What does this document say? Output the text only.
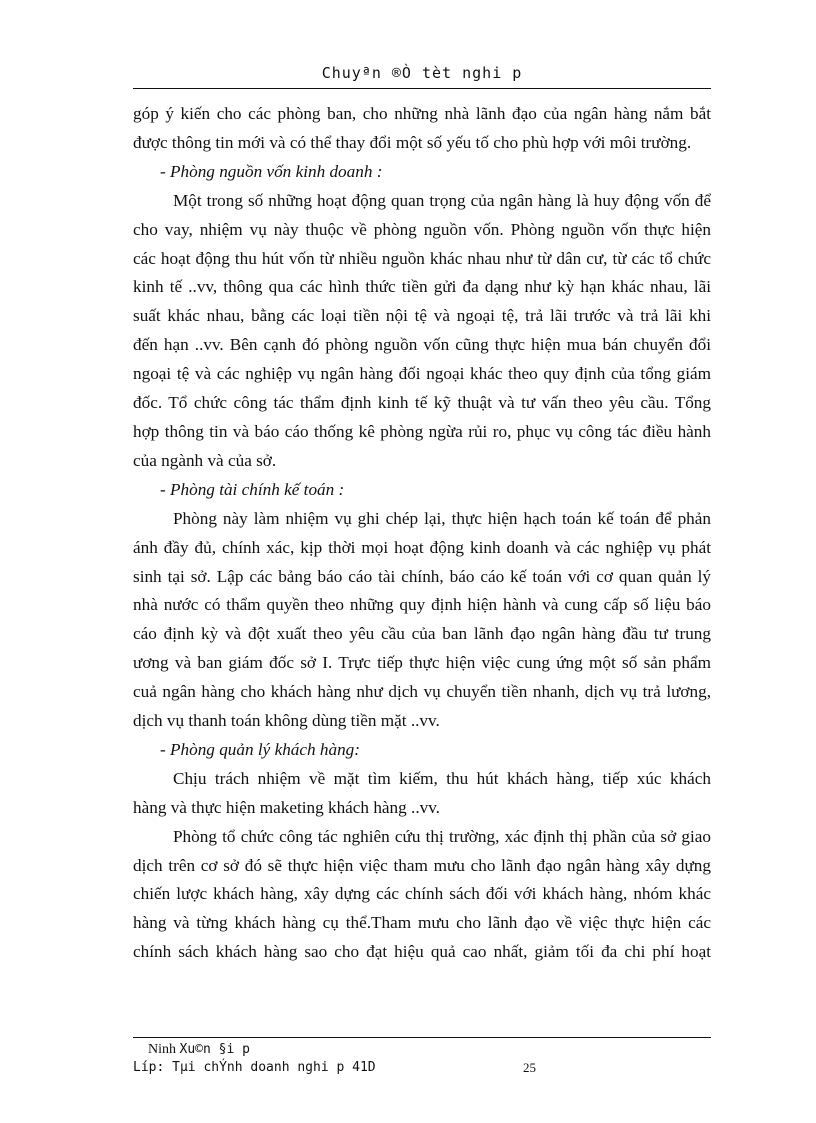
Chuyªn ®Ò tèt nghi p

góp ý kiến cho các phòng ban, cho những nhà lãnh đạo của ngân hàng nắm bắt

được thông tin mới và có thể thay đổi một số yếu tố cho phù hợp với môi trường.

- Phòng nguồn vốn kinh doanh :

Một trong số những hoạt động quan trọng của ngân hàng là huy động vốn để

cho vay, nhiệm vụ này thuộc về phòng nguồn vốn. Phòng nguồn vốn thực hiện

các hoạt động thu hút vốn từ nhiều nguồn khác nhau như từ dân cư, từ các tổ chức

kinh tế ..vv, thông qua các hình thức tiền gửi đa dạng như kỳ hạn khác nhau, lãi

suất khác nhau, bằng các loại tiền nội tệ và ngoại tệ, trả lãi trước và trả lãi khi

đến hạn ..vv. Bên cạnh đó phòng nguồn vốn cũng thực hiện mua bán chuyển đổi

ngoại tệ và các nghiệp vụ ngân hàng đối ngoại khác theo quy định của tổng giám

đốc. Tổ chức công tác thẩm định kinh tế kỹ thuật và tư vấn theo yêu cầu. Tổng

hợp thông tin và báo cáo thống kê phòng ngừa rủi ro, phục vụ công tác điều hành

của ngành và của sở.

- Phòng tài chính kế toán :

Phòng này làm nhiệm vụ ghi chép lại, thực hiện hạch toán kế toán để phản

ánh đầy đủ, chính xác, kịp thời mọi hoạt động kinh doanh và các nghiệp vụ phát

sinh tại sở. Lập các bảng báo cáo tài chính, báo cáo kế toán với cơ quan quản lý

nhà nước có thẩm quyền theo những quy định hiện hành và cung cấp số liệu báo

cáo định kỳ và đột xuất theo yêu cầu của ban lãnh đạo ngân hàng đầu tư trung

ương và ban giám đốc sở I. Trực tiếp thực hiện việc cung ứng một số sản phẩm

cuả ngân hàng cho khách hàng như dịch vụ chuyển tiền nhanh, dịch vụ trả lương,

dịch vụ thanh toán không dùng tiền mặt ..vv.

- Phòng quản lý khách hàng:

Chịu trách nhiệm về mặt tìm kiếm, thu hút khách hàng, tiếp xúc khách

hàng và thực hiện maketing khách hàng ..vv.

Phòng tổ chức công tác nghiên cứu thị trường, xác định thị phần của sở giao

dịch trên cơ sở đó sẽ thực hiện việc tham mưu cho lãnh đạo ngân hàng xây dựng

chiến lược khách hàng, xây dựng các chính sách đối với khách hàng, nhóm khác

hàng và từng khách hàng cụ thể.Tham mưu cho lãnh đạo về việc thực hiện các

chính sách khách hàng sao cho đạt hiệu quả cao nhất, giảm tối đa chi phí hoạt

Ninh Xu©n §i p
Líp: Tµi chÝnh doanh nghi p 41D	25
